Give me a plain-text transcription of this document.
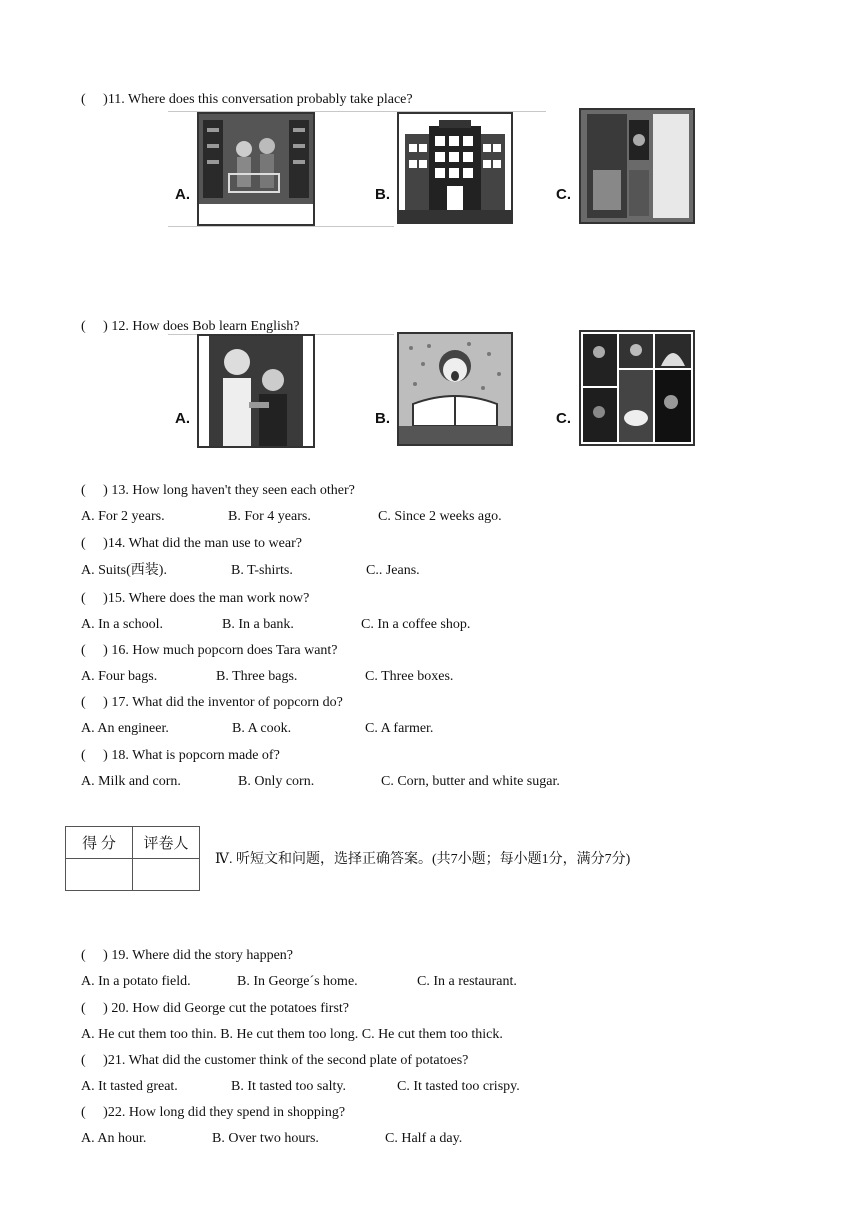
(     )11. Where does this conversation probably take place?
A.	B.	C.
(     ) 12. How does Bob learn English?
A.	B.	C.
(     ) 13. How long haven't they seen each other?
A. For 2 years.	B. For 4 years.	C. Since 2 weeks ago.
(     )14. What did the man use to wear?
A. Suits(西装).	B. T-shirts.	C.. Jeans.
(     )15. Where does the man work now?
A. In a school.	B. In a bank.	C. In a coffee shop.
(     ) 16. How much popcorn does Tara want?
A. Four bags.	B. Three bags.	C. Three boxes.
(     ) 17. What did the inventor of popcorn do?
A. An engineer.	B. A cook.	C. A farmer.
(     ) 18. What is popcorn made of?
A. Milk and corn.	B. Only corn.	C. Corn, butter and white sugar.
得 分	评卷人

Ⅳ. 听短文和问题，选择正确答案。(共7小题；每小题1分，满分7分)
(     ) 19. Where did the story happen?
A. In a potato field.	B. In George´s home.	C. In a restaurant.
(     ) 20. How did George cut the potatoes first?
A. He cut them too thin. B. He cut them too long. C. He cut them too thick.
(     )21. What did the customer think of the second plate of potatoes?
A. It tasted great.	B. It tasted too salty.	C. It tasted too crispy.
(     )22. How long did they spend in shopping?
A. An hour.	B. Over two hours.	C. Half a day.
